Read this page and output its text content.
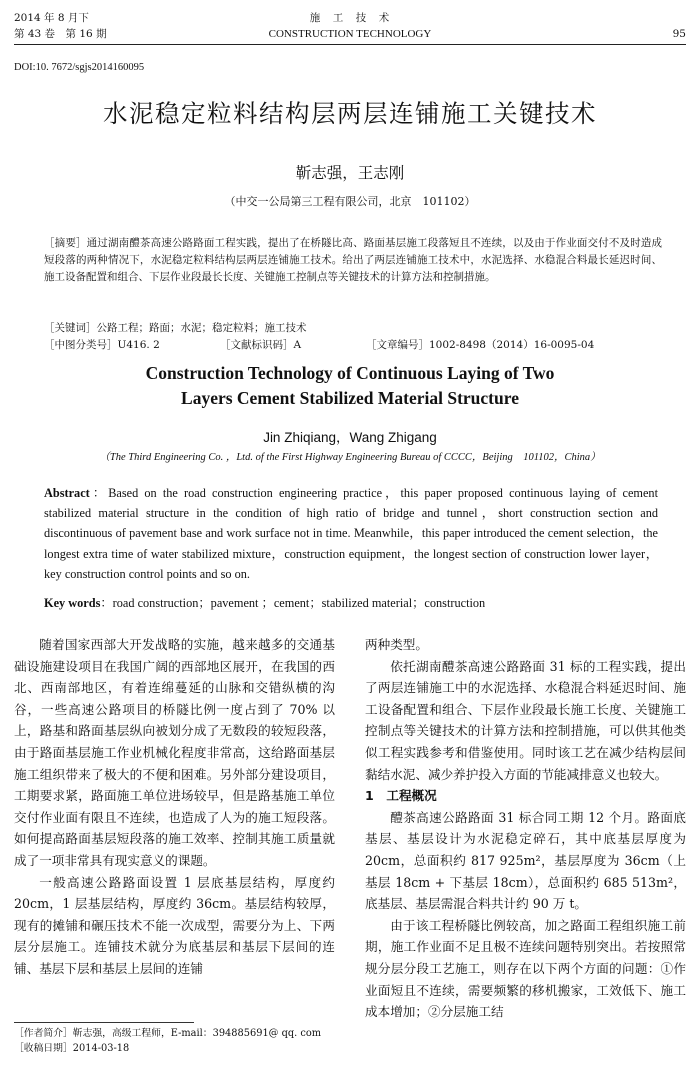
2014 年 8 月下
第 43 卷　第 16 期
施　工　技　术
CONSTRUCTION TECHNOLOGY	95
DOI:10. 7672/sgjs2014160095
水泥稳定粒料结构层两层连铺施工关键技术
靳志强，王志刚
（中交一公局第三工程有限公司，北京　101102）
［摘要］通过湖南醴茶高速公路路面工程实践，提出了在桥隧比高、路面基层施工段落短且不连续，以及由于作业面交付不及时造成短段落的两种情况下，水泥稳定粒料结构层两层连铺施工技术。给出了两层连铺施工技术中，水泥选择、水稳混合料最长延迟时间、施工设备配置和组合、下层作业段最长长度、关键施工控制点等关键技术的计算方法和控制措施。
［关键词］公路工程；路面；水泥；稳定粒料；施工技术
［中图分类号］U416. 2	［文献标识码］A	［文章编号］1002-8498（2014）16-0095-04
Construction Technology of Continuous Laying of Two
Layers Cement Stabilized Material Structure
Jin Zhiqiang，Wang Zhigang
（The Third Engineering Co. ，Ltd. of the First Highway Engineering Bureau of CCCC，Beijing　101102，China）
Abstract：Based on the road construction engineering practice，this paper proposed continuous laying of cement stabilized material structure in the condition of high ratio of bridge and tunnel，short construction section and discontinuous of pavement base and work surface not in time. Meanwhile，this paper introduced the cement selection，the longest extra time of water stabilized mixture，construction equipment，the longest section of construction lower layer，key construction control points and so on.
Key words：road construction；pavement ；cement；stabilized material；construction

随着国家西部大开发战略的实施，越来越多的交通基础设施建设项目在我国广阔的西部地区展开，在我国的西北、西南部地区，有着连绵蔓延的山脉和交错纵横的沟谷，一些高速公路项目的桥隧比例一度占到了 70% 以上，路基和路面基层纵向被划分成了无数段的较短段落，由于路面基层施工作业机械化程度非常高，这给路面基层施工组织带来了极大的不便和困难。另外部分建设项目，工期要求紧，路面施工单位进场较早，但是路基施工单位交付作业面有限且不连续，也造成了人为的施工短段落。如何提高路面基层短段落的施工效率、控制其施工质量就成了一项非常具有现实意义的课题。

一般高速公路路面设置 1 层底基层结构，厚度约 20cm，1 层基层结构，厚度约 36cm。基层结构较厚，现有的摊铺和碾压技术不能一次成型，需要分为上、下两层分层施工。连铺技术就分为底基层和基层下层间的连铺、基层下层和基层上层间的连铺

两种类型。

依托湖南醴茶高速公路路面 31 标的工程实践，提出了两层连铺施工中的水泥选择、水稳混合料延迟时间、施工设备配置和组合、下层作业段最长施工长度、关键施工控制点等关键技术的计算方法和控制措施，可以供其他类似工程实践参考和借鉴使用。同时该工艺在减少结构层间黏结水泥、减少养护投入方面的节能减排意义也较大。

1　工程概况

醴茶高速公路路面 31 标合同工期 12 个月。路面底基层、基层设计为水泥稳定碎石，其中底基层厚度为 20cm，总面积约 817 925m²，基层厚度为 36cm（上基层 18cm + 下基层 18cm），总面积约 685 513m²，底基层、基层需混合料共计约 90 万 t。

由于该工程桥隧比例较高，加之路面工程组织施工前期，施工作业面不足且极不连续问题特别突出。若按照常规分层分段工艺施工，则存在以下两个方面的问题：①作业面短且不连续，需要频繁的移机搬家，工效低下、施工成本增加；②分层施工结

［作者简介］靳志强，高级工程师，E-mail：394885691@ qq. com
［收稿日期］2014-03-18
